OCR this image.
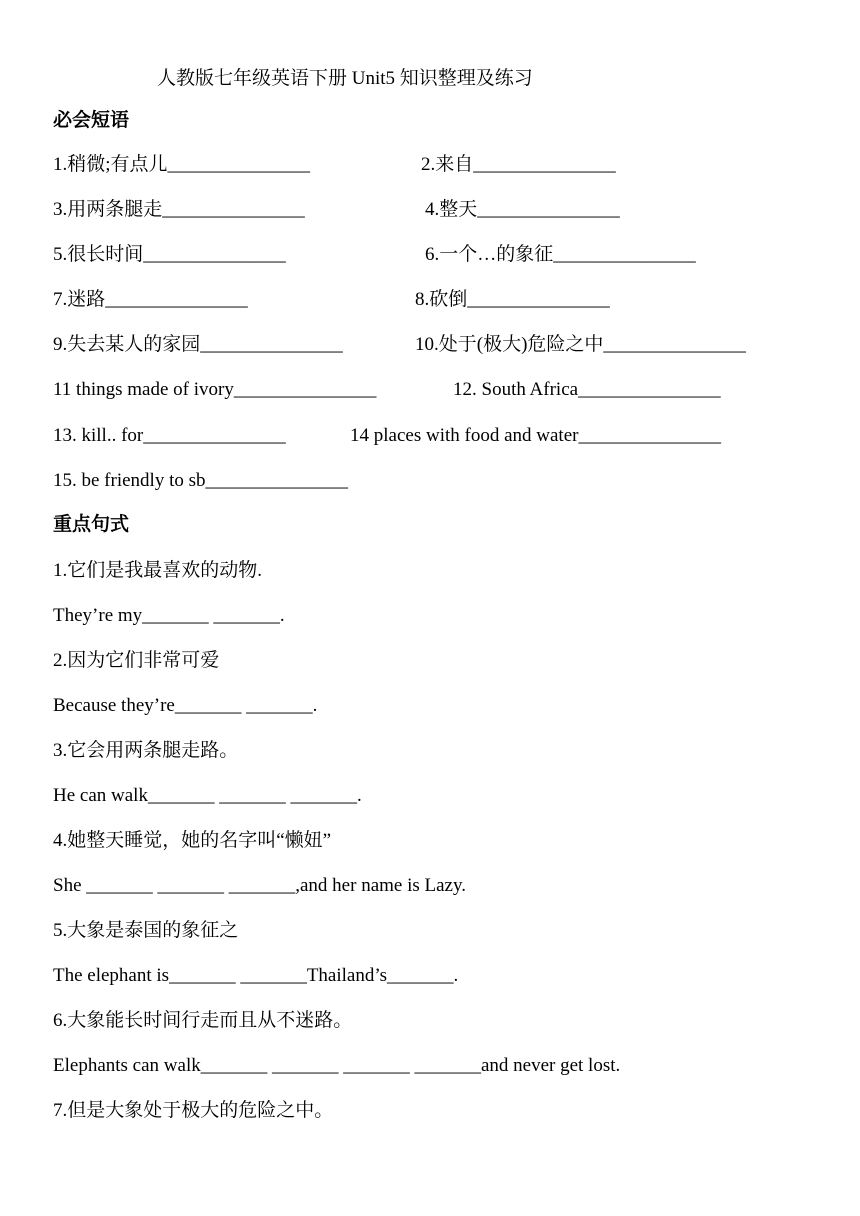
人教版七年级英语下册 Unit5 知识整理及练习
必会短语
1.稍微;有点儿_______________	2.来自_______________
3.用两条腿走_______________	4.整天_______________
5.很长时间_______________	6.一个…的象征_______________
7.迷路_______________	8.砍倒_______________
9.失去某人的家园_______________	10.处于(极大)危险之中_______________
11 things made of ivory_______________	12. South Africa_______________
13. kill.. for_______________	14 places with food and water_______________
15. be friendly to sb_______________
重点句式
1.它们是我最喜欢的动物.
They’re my_______ _______.
2.因为它们非常可爱
Because they’re_______ _______.
3.它会用两条腿走路。
He can walk_______ _______ _______.
4.她整天睡觉，她的名字叫“懒妞”
She _______ _______ _______,and her name is Lazy.
5.大象是泰国的象征之
The elephant is_______ _______Thailand’s_______.
6.大象能长时间行走而且从不迷路。
Elephants can walk_______ _______ _______ _______and never get lost.
7.但是大象处于极大的危险之中。
